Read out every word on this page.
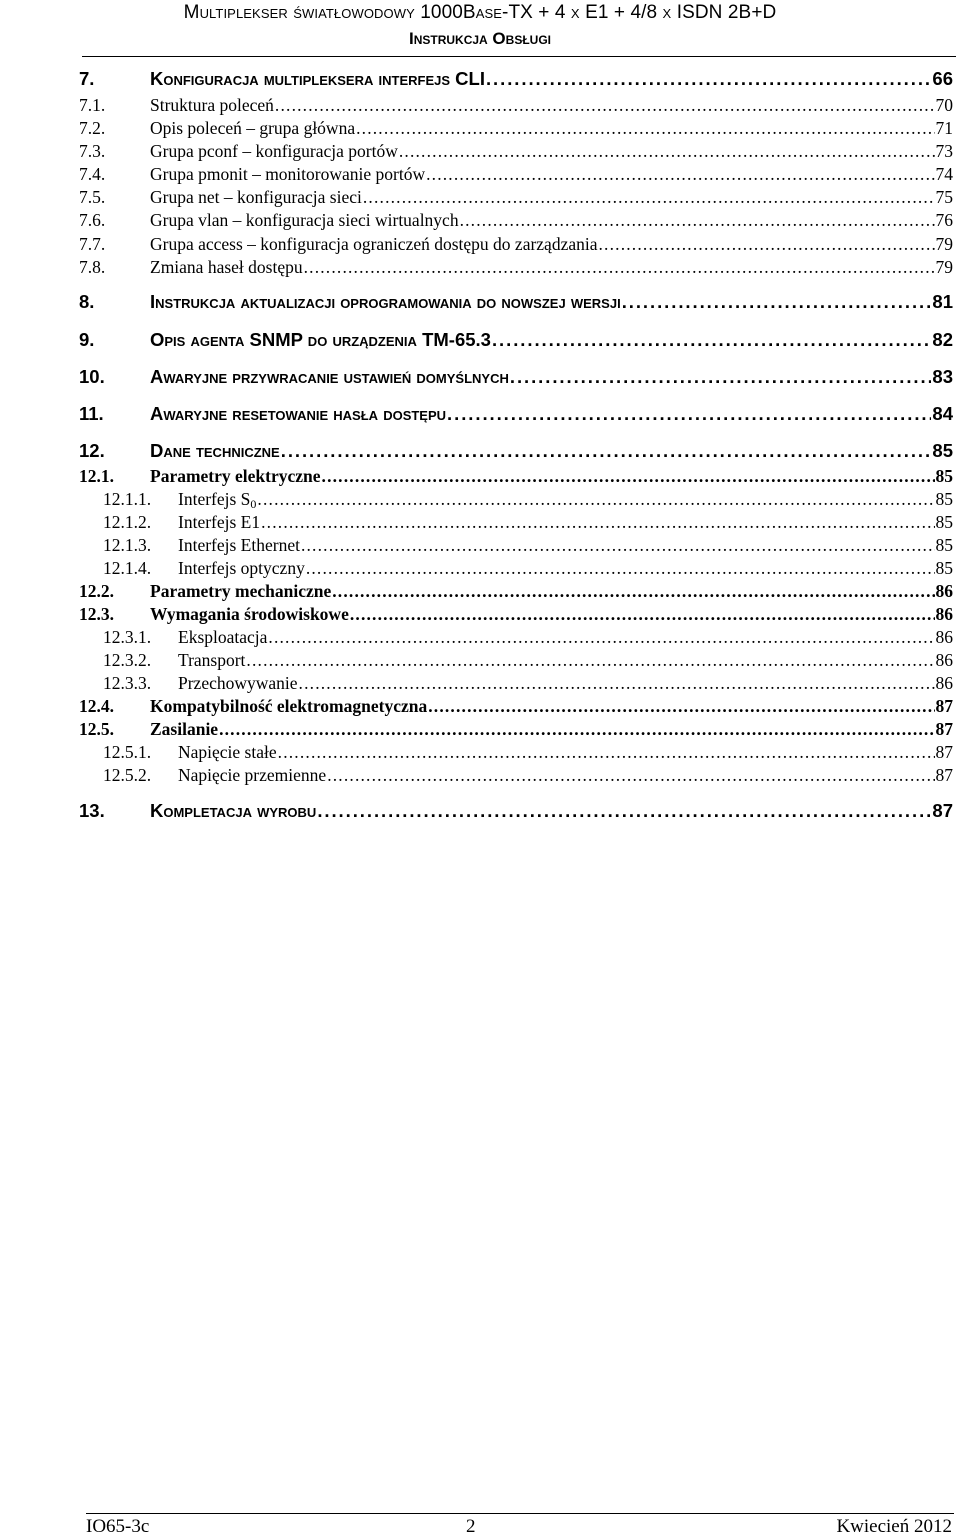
Multiplekser światłowodowy 1000Base-TX + 4 x E1 + 4/8 x ISDN 2B+D
Instrukcja Obsługi
7.	Konfiguracja multipleksera interfejs CLI . . .	66
7.1.	Struktura poleceń . . .	70
7.2.	Opis poleceń – grupa główna . . .	71
7.3.	Grupa pconf – konfiguracja portów . . .	73
7.4.	Grupa pmonit – monitorowanie portów . . .	74
7.5.	Grupa net – konfiguracja sieci . . .	75
7.6.	Grupa vlan – konfiguracja sieci wirtualnych . . .	76
7.7.	Grupa access – konfiguracja ograniczeń dostępu do zarządzania . . .	79
7.8.	Zmiana haseł dostępu . . .	79
8.	Instrukcja aktualizacji oprogramowania do nowszej wersji . . .	81
9.	Opis agenta SNMP do urządzenia TM-65.3 . . .	82
10.	Awaryjne przywracanie ustawień domyślnych . . .	83
11.	Awaryjne resetowanie hasła dostępu . . .	84
12.	Dane techniczne . . .	85
12.1.	Parametry elektryczne . . .	85
12.1.1.	Interfejs $S_0$ . . .	85
12.1.2.	Interfejs E1 . . .	85
12.1.3.	Interfejs Ethernet . . .	85
12.1.4.	Interfejs optyczny . . .	85
12.2.	Parametry mechaniczne . . .	86
12.3.	Wymagania środowiskowe . . .	86
12.3.1.	Eksploatacja . . .	86
12.3.2.	Transport . . .	86
12.3.3.	Przechowywanie . . .	86
12.4.	Kompatybilność elektromagnetyczna . . .	87
12.5.	Zasilanie . . .	87
12.5.1.	Napięcie stałe . . .	87
12.5.2.	Napięcie przemienne . . .	87
13.	Kompletacja wyrobu . . .	87
IO65-3c	2	Kwiecień 2012
